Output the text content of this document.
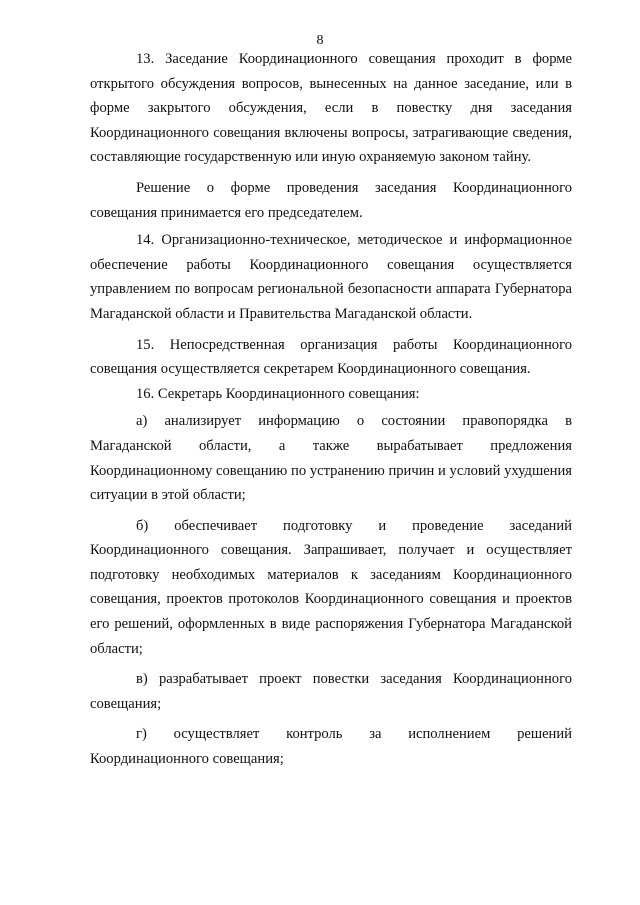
8

13. Заседание Координационного совещания проходит в форме открытого обсуждения вопросов, вынесенных на данное заседание, или в форме закрытого обсуждения, если в повестку дня заседания Координационного совещания включены вопросы, затрагивающие сведения, составляющие государственную или иную охраняемую законом тайну.

Решение о форме проведения заседания Координационного совещания принимается его председателем.

14. Организационно-техническое, методическое и информационное обеспечение работы Координационного совещания осуществляется управлением по вопросам региональной безопасности аппарата Губернатора Магаданской области и Правительства Магаданской области.

15. Непосредственная организация работы Координационного совещания осуществляется секретарем Координационного совещания.

16. Секретарь Координационного совещания:

а) анализирует информацию о состоянии правопорядка в Магаданской области, а также вырабатывает предложения Координационному совещанию по устранению причин и условий ухудшения ситуации в этой области;

б) обеспечивает подготовку и проведение заседаний Координационного совещания. Запрашивает, получает и осуществляет подготовку необходимых материалов к заседаниям Координационного совещания, проектов протоколов Координационного совещания и проектов его решений, оформленных в виде распоряжения Губернатора Магаданской области;

в) разрабатывает проект повестки заседания Координационного совещания;

г) осуществляет контроль за исполнением решений Координационного совещания;
